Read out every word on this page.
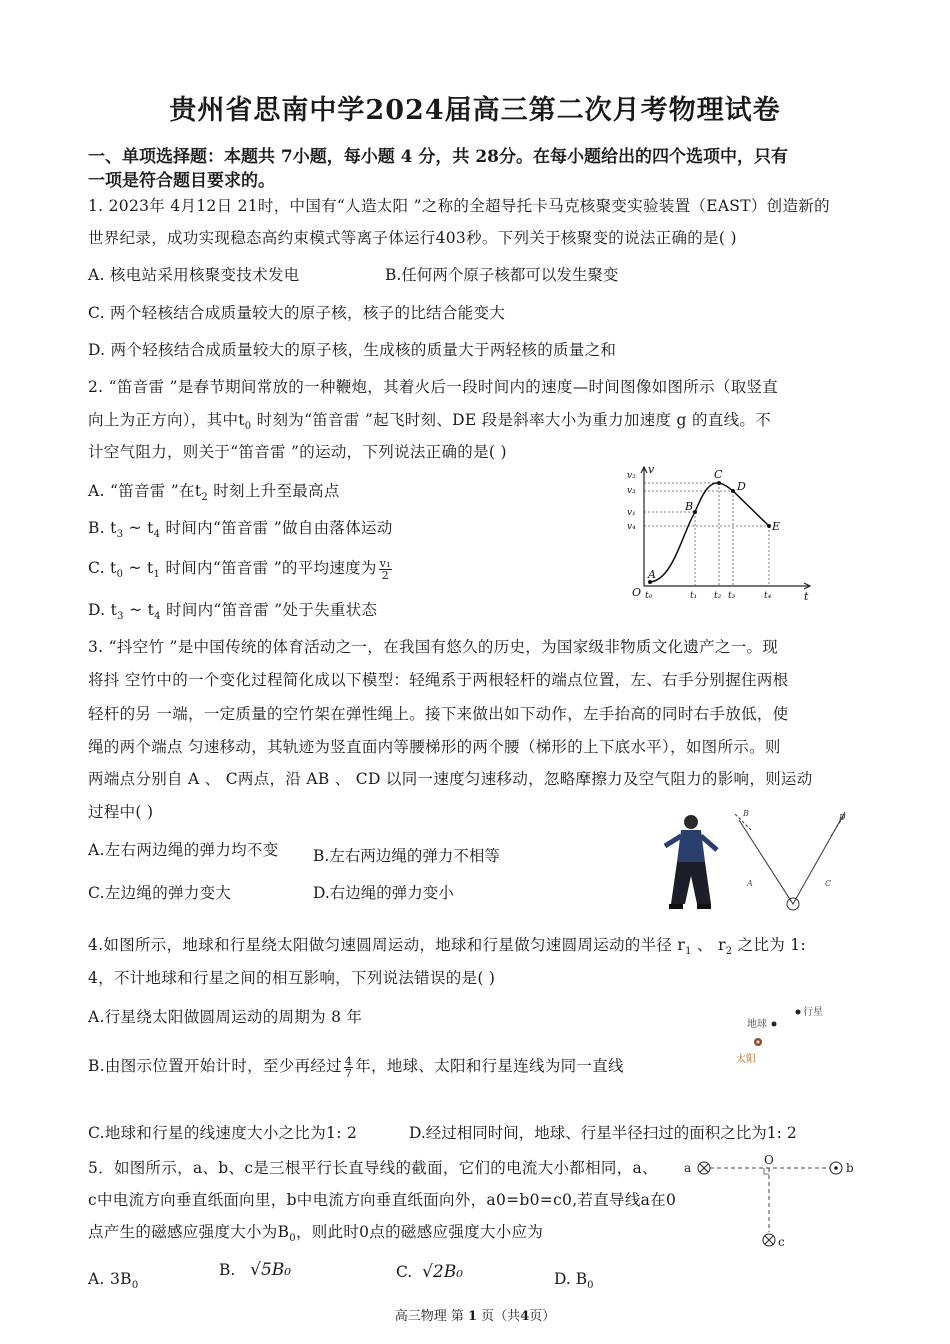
贵州省思南中学2024届高三第二次月考物理试卷
一、单项选择题：本题共 7小题，每小题 4 分，共 28分。在每小题给出的四个选项中，只有
一项是符合题目要求的。
1. 2023年 4月12日 21时，中国有“人造太阳 ”之称的全超导托卡马克核聚变实验装置（EAST）创造新的
世界纪录，成功实现稳态高约束模式等离子体运行403秒。下列关于核聚变的说法正确的是( )
A. 核电站采用核聚变技术发电	B.任何两个原子核都可以发生聚变
C. 两个轻核结合成质量较大的原子核，核子的比结合能变大
D. 两个轻核结合成质量较大的原子核，生成核的质量大于两轻核的质量之和
2. “笛音雷 ”是春节期间常放的一种鞭炮，其着火后一段时间内的速度—时间图像如图所示（取竖直
向上为正方向），其中$t_0$ 时刻为“笛音雷 ”起飞时刻、DE 段是斜率大小为重力加速度 g 的直线。不
计空气阻力，则关于“笛音雷 ”的运动，下列说法正确的是( )
A. “笛音雷 ”在$t_2$ 时刻上升至最高点
B. $t_3$ ~ $t_4$ 时间内“笛音雷 ”做自由落体运动
C. $t_0$ ~ $t_1$ 时间内“笛音雷 ”的平均速度为 $\frac{\text{v₁}}{2}$
D. $t_3$ ~ $t_4$ 时间内“笛音雷 ”处于失重状态
v₂
v₃
v₁
v₄
v
t
O
A
B
C
D
E
t₀	t₁ t₂ t₃	t₄
3. “抖空竹 ”是中国传统的体育活动之一，在我国有悠久的历史，为国家级非物质文化遗产之一。现
将抖 空竹中的一个变化过程简化成以下模型：轻绳系于两根轻杆的端点位置，左、右手分别握住两根
轻杆的另 一端，一定质量的空竹架在弹性绳上。接下来做出如下动作，左手抬高的同时右手放低，使
绳的两个端点 匀速移动，其轨迹为竖直面内等腰梯形的两个腰（梯形的上下底水平），如图所示。则
两端点分别自 A 、 C两点，沿 AB 、 CD 以同一速度匀速移动，忽略摩擦力及空气阻力的影响，则运动
过程中( )
A.左右两边绳的弹力均不变 B.左右两边绳的弹力不相等
C.左边绳的弹力变大	D.右边绳的弹力变小
B
A
D
C
4.如图所示，地球和行星绕太阳做匀速圆周运动，地球和行星做匀速圆周运动的半径 $r_1$ 、 $r_2$ 之比为 1:
4，不计地球和行星之间的相互影响，下列说法错误的是( )
A.行星绕太阳做圆周运动的周期为 8 年
B.由图示位置开始计时，至少再经过 $\frac{4}{7}$ 年，地球、太阳和行星连线为同一直线
C.地球和行星的线速度大小之比为1: 2	D.经过相同时间，地球、行星半径扫过的面积之比为1: 2
行星
地球
太阳
5．如图所示，a、b、c是三根平行长直导线的截面，它们的电流大小都相同，a、
c中电流方向垂直纸面向里，b中电流方向垂直纸面向外，a0=b0=c0,若直导线a在0
点产生的磁感应强度大小为$B_0$，则此时0点的磁感应强度大小应为
A. $3B_0$
B. √5B₀	C. √2B₀	D. $B_0$
O
a	b
c
高三物理 第 1 页（共4页）
